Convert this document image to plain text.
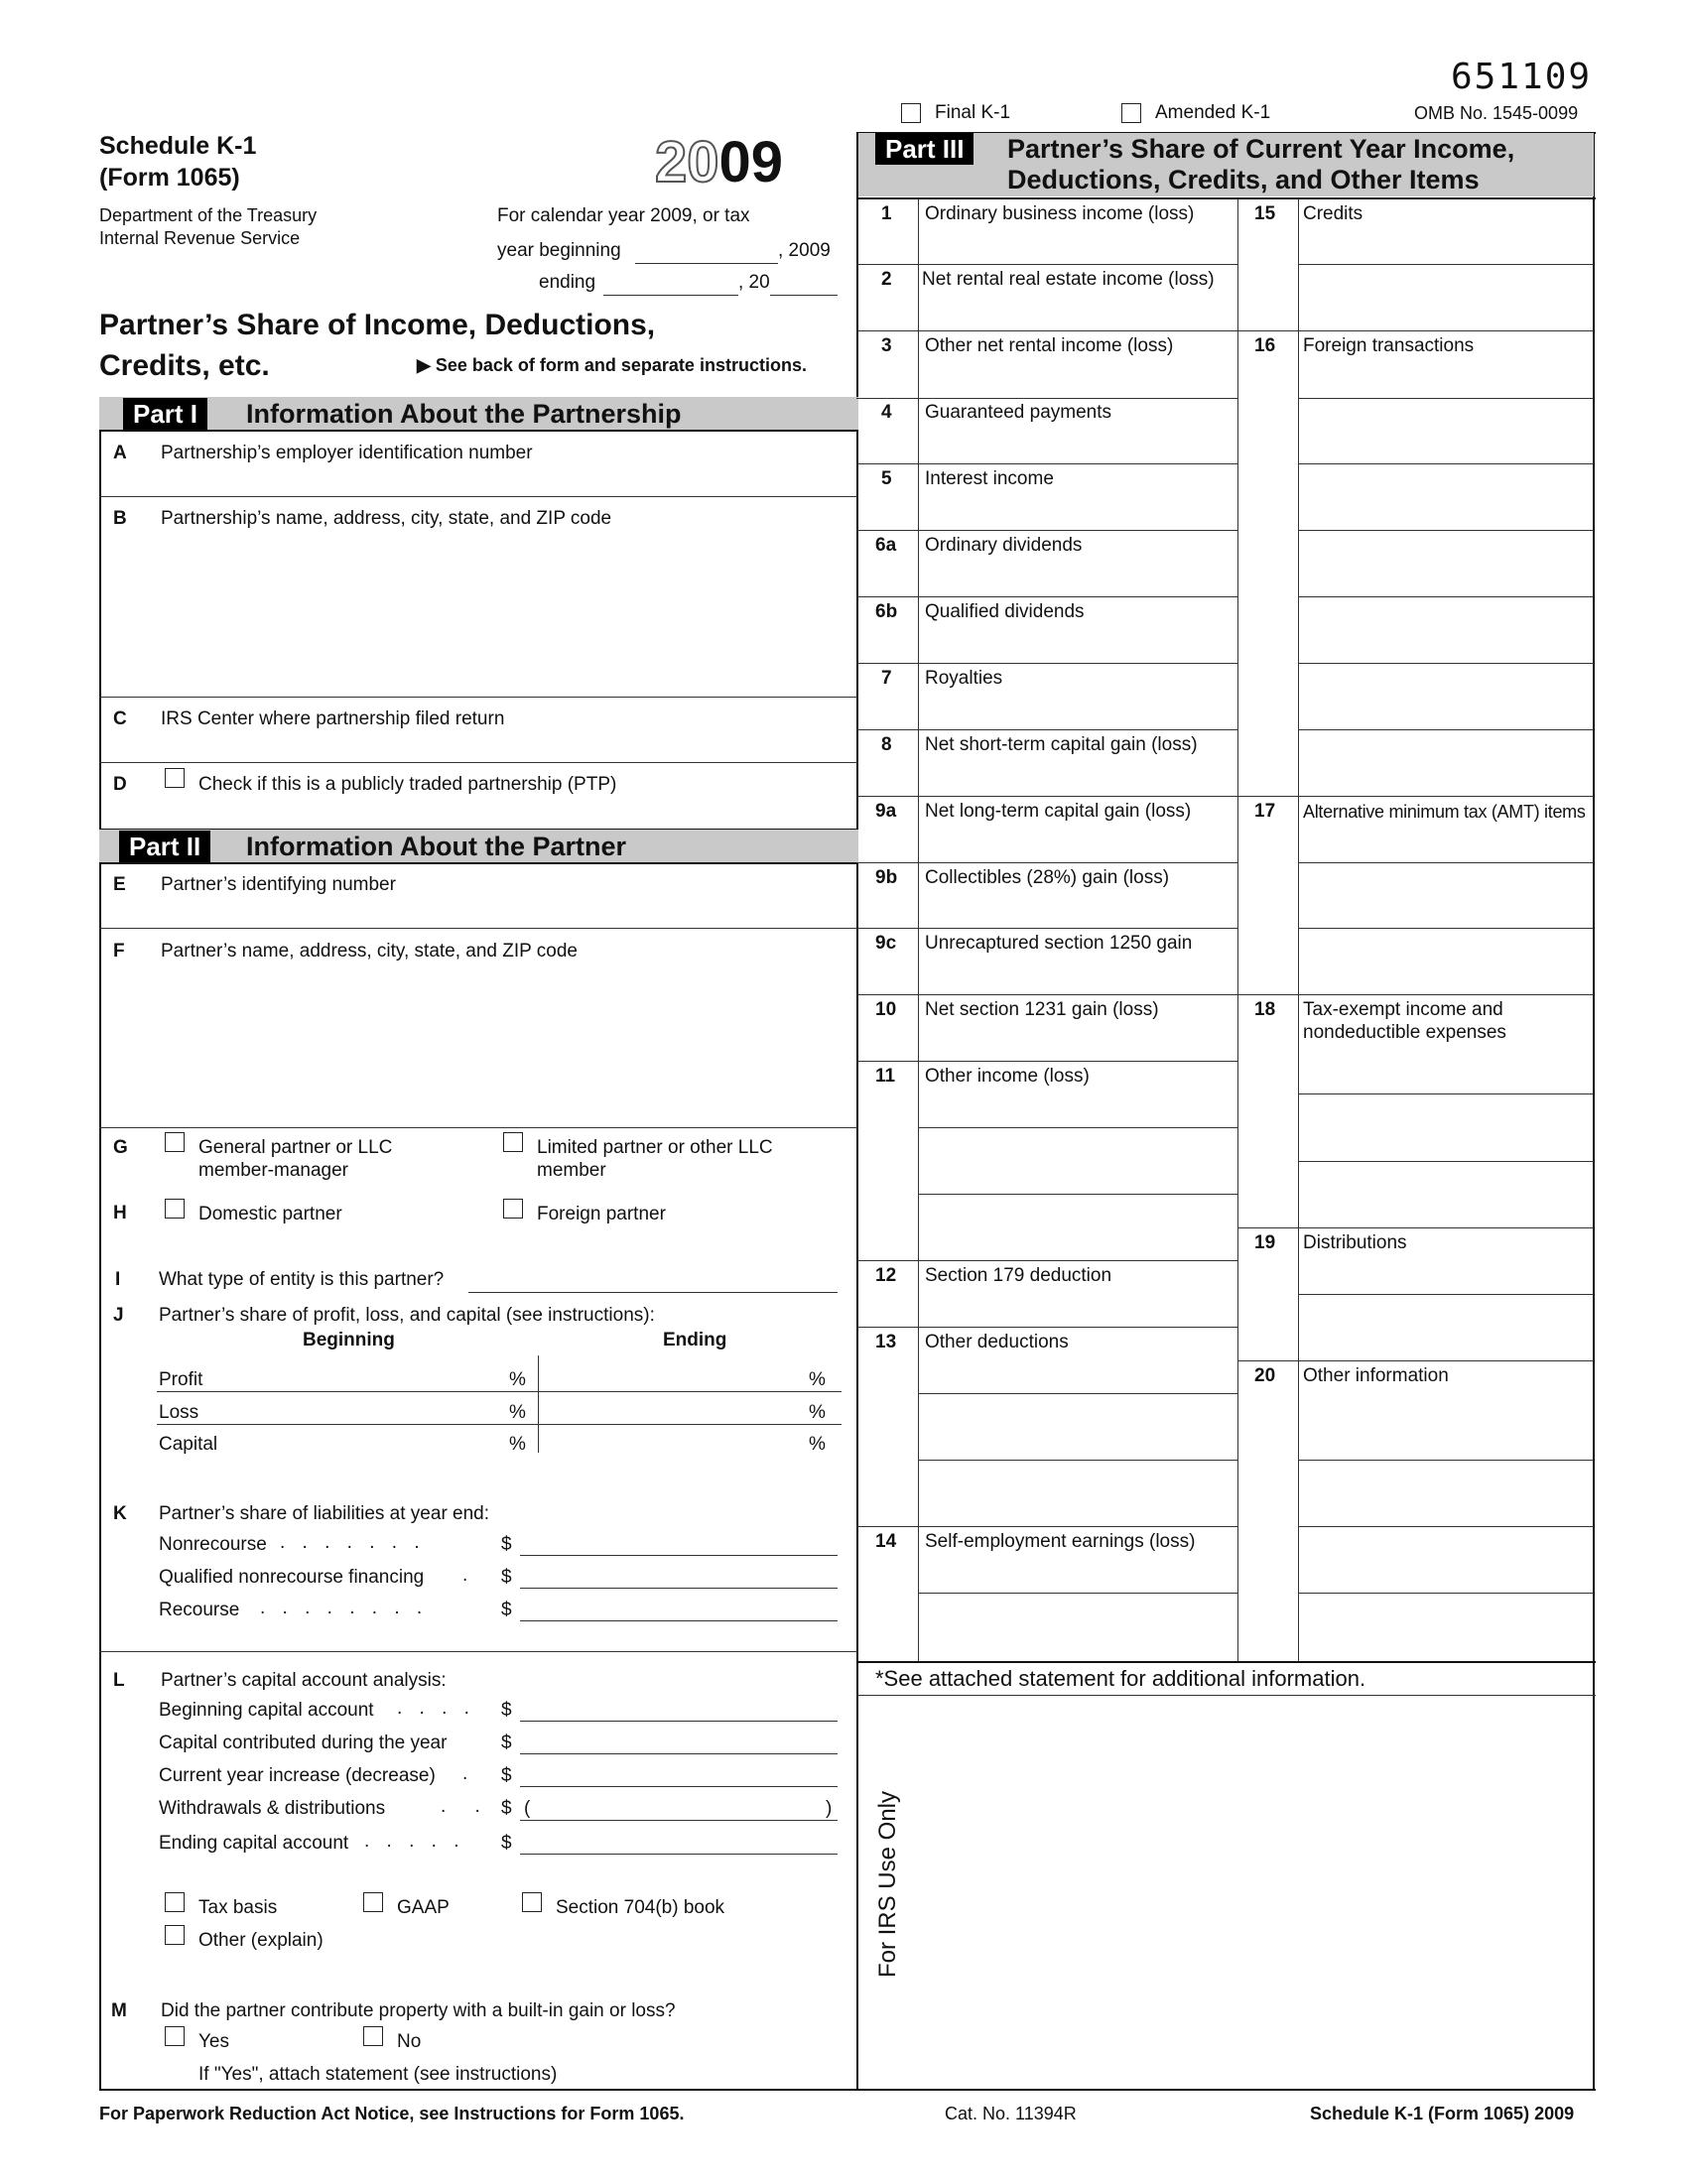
651109
Final K-1	Amended K-1	OMB No. 1545-0099
Schedule K-1
(Form 1065)	2009
Department of the Treasury
Internal Revenue Service
For calendar year 2009, or tax
year beginning	, 2009
ending	, 20
Partner’s Share of Income, Deductions,
Credits, etc.	▶ See back of form and separate instructions.
Part I	Information About the Partnership
A Partnership’s employer identification number
B Partnership’s name, address, city, state, and ZIP code
C IRS Center where partnership filed return
D	Check if this is a publicly traded partnership (PTP)
Part II	Information About the Partner
E Partner’s identifying number
F Partner’s name, address, city, state, and ZIP code
G	General partner or LLC
member-manager
Limited partner or other LLC
member
H	Domestic partner	Foreign partner
I What type of entity is this partner?
J Partner’s share of profit, loss, and capital (see instructions):
Beginning	Ending
Profit	%	%
Loss	%	%
Capital	%	%
K Partner’s share of liabilities at year end:
Nonrecourse . . . . . . .	$
Qualified nonrecourse financing . $
Recourse . . . . . . . .	$
L Partner’s capital account analysis:
Beginning capital account . . . . $
Capital contributed during the year	$
Current year increase (decrease) . $
Withdrawals & distributions	. . $ (	)
Ending capital account . . . . . $
Tax basis	GAAP	Section 704(b) book
Other (explain)
M Did the partner contribute property with a built-in gain or loss?
Yes	No
If "Yes", attach statement (see instructions)
Part III	Partner’s Share of Current Year Income,
Deductions, Credits, and Other Items
*See attached statement for additional information.
For IRS Use Only
1 Ordinary business income (loss)
2 Net rental real estate income (loss)
3 Other net rental income (loss)
4 Guaranteed payments
5 Interest income
6a Ordinary dividends
6b Qualified dividends
7 Royalties
8 Net short-term capital gain (loss)
9a Net long-term capital gain (loss)
9b Collectibles (28%) gain (loss)
9c Unrecaptured section 1250 gain
10 Net section 1231 gain (loss)
11 Other income (loss)
12 Section 179 deduction
13 Other deductions
14 Self-employment earnings (loss)
15 Credits
16 Foreign transactions
17 Alternative minimum tax (AMT) items
18 Tax-exempt income and
nondeductible expenses
19 Distributions
20 Other information
For Paperwork Reduction Act Notice, see Instructions for Form 1065.	Cat. No. 11394R	Schedule K-1 (Form 1065) 2009
